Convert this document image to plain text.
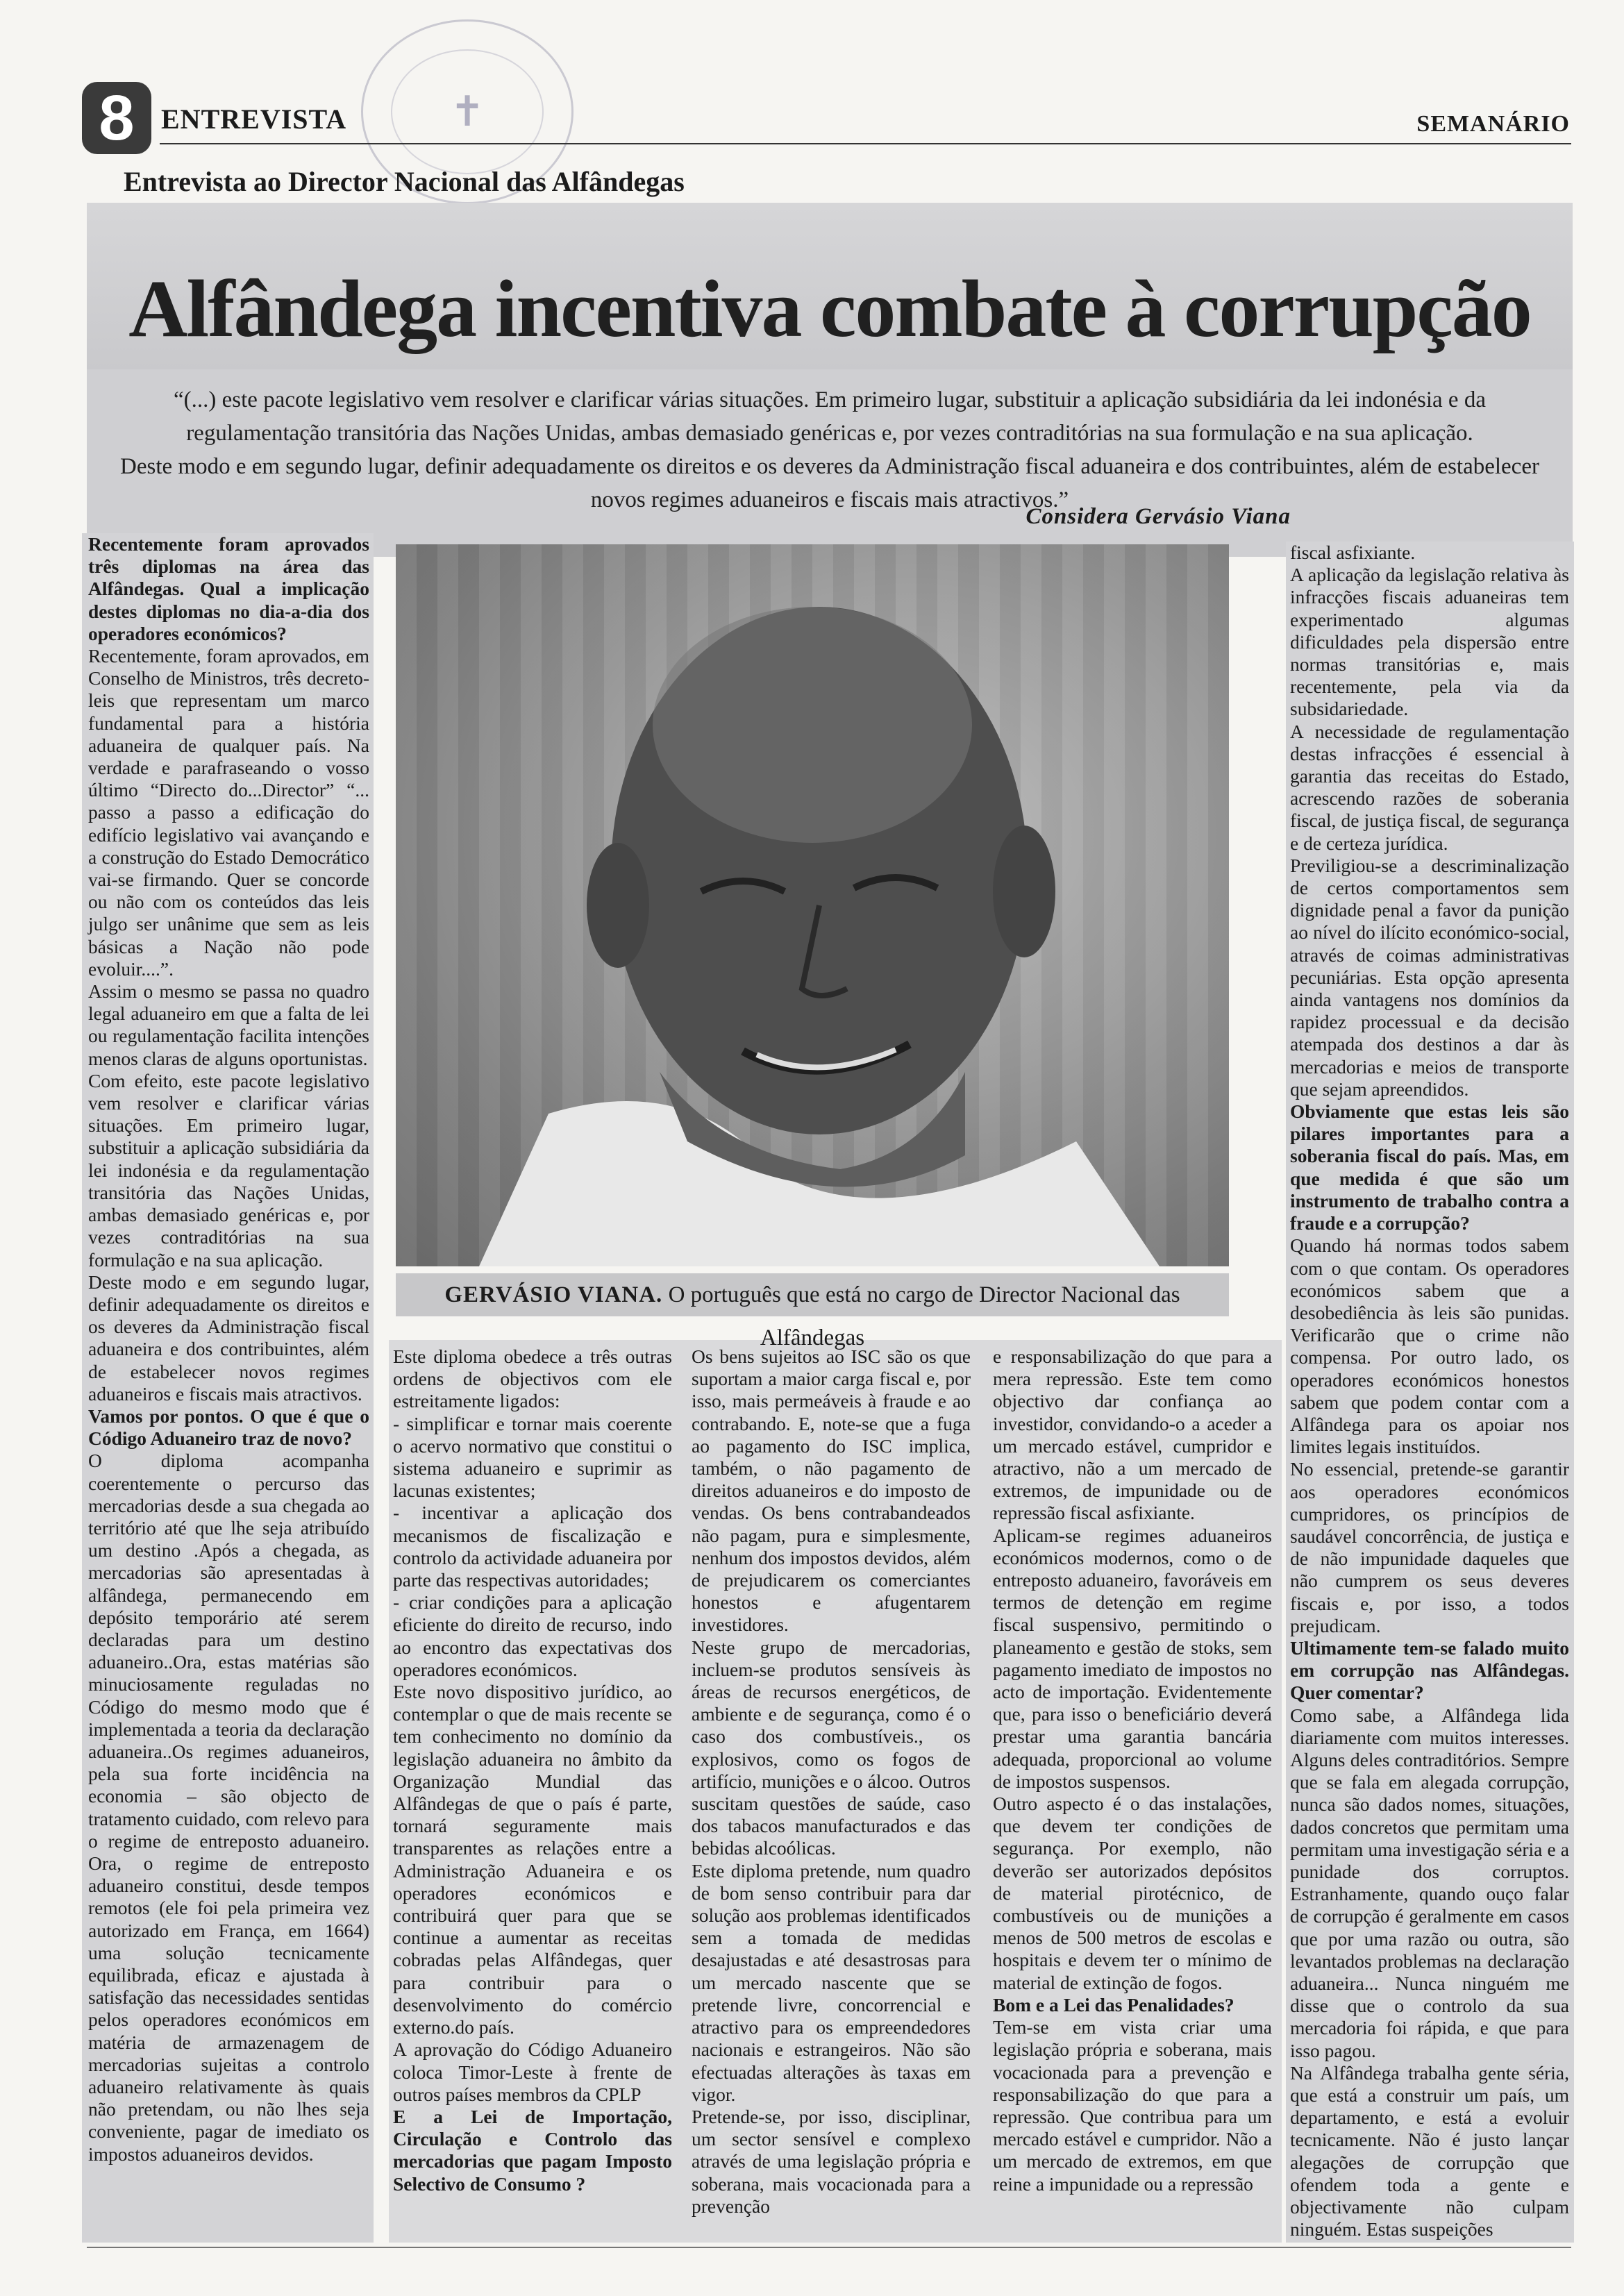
✝
8 ENTREVISTA	SEMANÁRIO
Entrevista ao Director Nacional das Alfândegas
Alfândega incentiva combate à corrupção

“(...) este pacote legislativo vem resolver e clarificar várias situações. Em primeiro lugar, substituir a aplicação subsidiária da lei indonésia e da regulamentação transitória das Nações Unidas, ambas demasiado genéricas e, por vezes contraditórias na sua formulação e na sua aplicação.

Deste modo e em segundo lugar, definir adequadamente os direitos e os deveres da Administração fiscal aduaneira e dos contribuintes, além de estabelecer novos regimes aduaneiros e fiscais mais atractivos.”

Considera Gervásio Viana
GERVÁSIO VIANA. O português que está no cargo de Director Nacional das Alfândegas

Recentemente foram aprovados três diplomas na área das Alfândegas. Qual a implicação destes diplomas no dia-a-dia dos operadores económicos?

Recentemente, foram aprovados, em Conselho de Ministros, três decreto-leis que representam um marco fundamental para a história aduaneira de qualquer país. Na verdade e parafraseando o vosso último “Directo do...Director” “... passo a passo a edificação do edifício legislativo vai avançando e a construção do Estado Democrático vai-se firmando. Quer se concorde ou não com os conteúdos das leis julgo ser unânime que sem as leis básicas a Nação não pode evoluir....”.

Assim o mesmo se passa no quadro legal aduaneiro em que a falta de lei ou regulamentação facilita intenções menos claras de alguns oportunistas.

Com efeito, este pacote legislativo vem resolver e clarificar várias situações. Em primeiro lugar, substituir a aplicação subsidiária da lei indonésia e da regulamentação transitória das Nações Unidas, ambas demasiado genéricas e, por vezes contraditórias na sua formulação e na sua aplicação.

Deste modo e em segundo lugar, definir adequadamente os direitos e os deveres da Administração fiscal aduaneira e dos contribuintes, além de estabelecer novos regimes aduaneiros e fiscais mais atractivos.

Vamos por pontos. O que é que o Código Aduaneiro traz de novo?

O diploma acompanha coerentemente o percurso das mercadorias desde a sua chegada ao território até que lhe seja atribuído um destino .Após a chegada, as mercadorias são apresentadas à alfândega, permanecendo em depósito temporário até serem declaradas para um destino aduaneiro..Ora, estas matérias são minuciosamente reguladas no Código do mesmo modo que é implementada a teoria da declaração aduaneira..Os regimes aduaneiros, pela sua forte incidência na economia – são objecto de tratamento cuidado, com relevo para o regime de entreposto aduaneiro. Ora, o regime de entreposto aduaneiro constitui, desde tempos remotos (ele foi pela primeira vez autorizado em França, em 1664) uma solução tecnicamente equilibrada, eficaz e ajustada à satisfação das necessidades sentidas pelos operadores económicos em matéria de armazenagem de mercadorias sujeitas a controlo aduaneiro relativamente às quais não pretendam, ou não lhes seja conveniente, pagar de imediato os impostos aduaneiros devidos.

Este diploma obedece a três outras ordens de objectivos com ele estreitamente ligados:

- simplificar e tornar mais coerente o acervo normativo que constitui o sistema aduaneiro e suprimir as lacunas existentes;

- incentivar a aplicação dos mecanismos de fiscalização e controlo da actividade aduaneira por parte das respectivas autoridades;

- criar condições para a aplicação eficiente do direito de recurso, indo ao encontro das expectativas dos operadores económicos.

Este novo dispositivo jurídico, ao contemplar o que de mais recente se tem conhecimento no domínio da legislação aduaneira no âmbito da Organização Mundial das Alfândegas de que o país é parte, tornará seguramente mais transparentes as relações entre a Administração Aduaneira e os operadores económicos e contribuirá quer para que se continue a aumentar as receitas cobradas pelas Alfândegas, quer para contribuir para o desenvolvimento do comércio externo.do país.

A aprovação do Código Aduaneiro coloca Timor-Leste à frente de outros países membros da CPLP

E a Lei de Importação, Circulação e Controlo das mercadorias que pagam Imposto Selectivo de Consumo ?

Os bens sujeitos ao ISC são os que suportam a maior carga fiscal e, por isso, mais permeáveis à fraude e ao contrabando. E, note-se que a fuga ao pagamento do ISC implica, também, o não pagamento de direitos aduaneiros e do imposto de vendas. Os bens contrabandeados não pagam, pura e simplesmente, nenhum dos impostos devidos, além de prejudicarem os comerciantes honestos e afugentarem investidores.

Neste grupo de mercadorias, incluem-se produtos sensíveis às áreas de recursos energéticos, de ambiente e de segurança, como é o caso dos combustíveis., os explosivos, como os fogos de artifício, munições e o álcoo. Outros suscitam questões de saúde, caso dos tabacos manufacturados e das bebidas alcoólicas.

Este diploma pretende, num quadro de bom senso contribuir para dar solução aos problemas identificados sem a tomada de medidas desajustadas e até desastrosas para um mercado nascente que se pretende livre, concorrencial e atractivo para os empreendedores nacionais e estrangeiros. Não são efectuadas alterações às taxas em vigor.

Pretende-se, por isso, disciplinar, um sector sensível e complexo através de uma legislação própria e soberana, mais vocacionada para a prevenção

e responsabilização do que para a mera repressão. Este tem como objectivo dar confiança ao investidor, convidando-o a aceder a um mercado estável, cumpridor e atractivo, não a um mercado de extremos, de impunidade ou de repressão fiscal asfixiante.

Aplicam-se regimes aduaneiros económicos modernos, como o de entreposto aduaneiro, favoráveis em termos de detenção em regime fiscal suspensivo, permitindo o planeamento e gestão de stoks, sem pagamento imediato de impostos no acto de importação. Evidentemente que, para isso o beneficiário deverá prestar uma garantia bancária adequada, proporcional ao volume de impostos suspensos.

Outro aspecto é o das instalações, que devem ter condições de segurança. Por exemplo, não deverão ser autorizados depósitos de material pirotécnico, de combustíveis ou de munições a menos de 500 metros de escolas e hospitais e devem ter o mínimo de material de extinção de fogos.

Bom e a Lei das Penalidades?

Tem-se em vista criar uma legislação própria e soberana, mais vocacionada para a prevenção e responsabilização do que para a repressão. Que contribua para um mercado estável e cumpridor. Não a um mercado de extremos, em que reine a impunidade ou a repressão

fiscal asfixiante.

A aplicação da legislação relativa às infracções fiscais aduaneiras tem experimentado algumas dificuldades pela dispersão entre normas transitórias e, mais recentemente, pela via da subsidariedade.

A necessidade de regulamentação destas infracções é essencial à garantia das receitas do Estado, acrescendo razões de soberania fiscal, de justiça fiscal, de segurança e de certeza jurídica.

Previligiou-se a descriminalização de certos comportamentos sem dignidade penal a favor da punição ao nível do ilícito económico-social, através de coimas administrativas pecuniárias. Esta opção apresenta ainda vantagens nos domínios da rapidez processual e da decisão atempada dos destinos a dar às mercadorias e meios de transporte que sejam apreendidos.

Obviamente que estas leis são pilares importantes para a soberania fiscal do país. Mas, em que medida é que são um instrumento de trabalho contra a fraude e a corrupção?

Quando há normas todos sabem com o que contam. Os operadores económicos sabem que a desobediência às leis são punidas. Verificarão que o crime não compensa. Por outro lado, os operadores económicos honestos sabem que podem contar com a Alfândega para os apoiar nos limites legais instituídos.

No essencial, pretende-se garantir aos operadores económicos cumpridores, os princípios de saudável concorrência, de justiça e de não impunidade daqueles que não cumprem os seus deveres fiscais e, por isso, a todos prejudicam.

Ultimamente tem-se falado muito em corrupção nas Alfândegas. Quer comentar?

Como sabe, a Alfândega lida diariamente com muitos interesses. Alguns deles contraditórios. Sempre que se fala em alegada corrupção, nunca são dados nomes, situações, dados concretos que permitam uma permitam uma investigação séria e a punidade dos corruptos. Estranhamente, quando ouço falar de corrupção é geralmente em casos que por uma razão ou outra, são levantados problemas na declaração aduaneira... Nunca ninguém me disse que o controlo da sua mercadoria foi rápida, e que para isso pagou.

Na Alfândega trabalha gente séria, que está a construir um país, um departamento, e está a evoluir tecnicamente. Não é justo lançar alegações de corrupção que ofendem toda a gente e objectivamente não culpam ninguém. Estas suspeições
